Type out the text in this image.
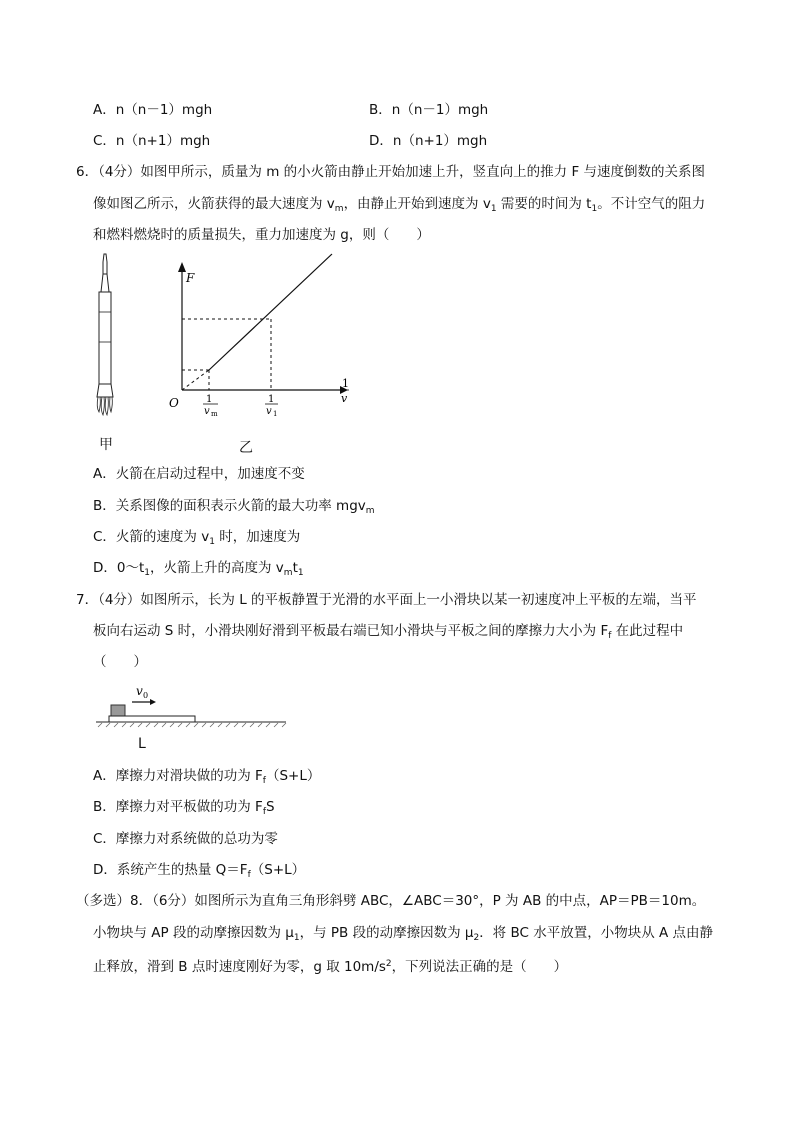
A．n（n－1）mgh	B．n（n－1）mgh
C．n（n+1）mgh	D．n（n+1）mgh
6．（4分）如图甲所示，质量为 m 的小火箭由静止开始加速上升，竖直向上的推力 F 与速度倒数的关系图
像如图乙所示，火箭获得的最大速度为 $v_m$，由静止开始到速度为 $v_1$ 需要的时间为 $t_1$。不计空气的阻力
和燃料燃烧时的质量损失，重力加速度为 g，则（　　）
甲
F
O
1
v
1
v m
1
v 1
乙
A．火箭在启动过程中，加速度不变
B．关系图像的面积表示火箭的最大功率 mgv$_m$
C．火箭的速度为 $v_1$ 时，加速度为
D．$0\sim t_1$，火箭上升的高度为 $v_mt_1$
7．（4分）如图所示，长为 L 的平板静置于光滑的水平面上一小滑块以某一初速度冲上平板的左端，当平
板向右运动 S 时，小滑块刚好滑到平板最右端已知小滑块与平板之间的摩擦力大小为 $F_f$ 在此过程中
（　　）
v 0
L
A．摩擦力对滑块做的功为 $F_f(S+L)$
B．摩擦力对平板做的功为 $F_fS$
C．摩擦力对系统做的总功为零
D．系统产生的热量 $Q=F_f(S+L)$
（多选）8．（6分）如图所示为直角三角形斜劈 ABC，∠ABC＝30°，P 为 AB 的中点，AP＝PB＝10m。
小物块与 AP 段的动摩擦因数为 $\mu_1$，与 PB 段的动摩擦因数为 $\mu_2$．将 BC 水平放置，小物块从 A 点由静
止释放，滑到 B 点时速度刚好为零，g 取 $10m/s^2$，下列说法正确的是（　　）
